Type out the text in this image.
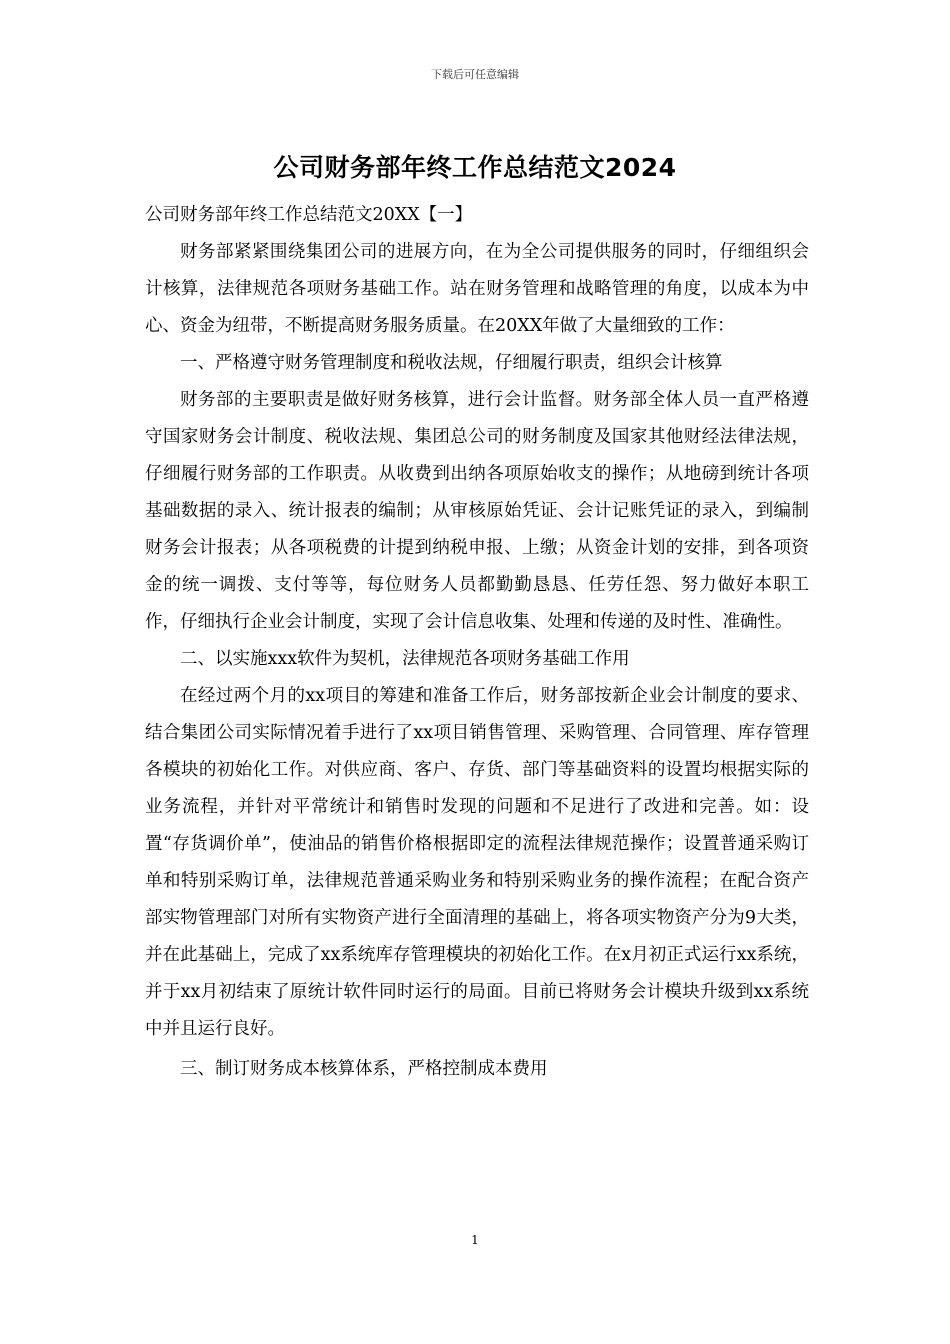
下载后可任意编辑
公司财务部年终工作总结范文2024

公司财务部年终工作总结范文20XX【一】

财务部紧紧围绕集团公司的进展方向，在为全公司提供服务的同时，仔细组织会计核算，法律规范各项财务基础工作。站在财务管理和战略管理的角度，以成本为中心、资金为纽带，不断提高财务服务质量。在20XX年做了大量细致的工作：

一、严格遵守财务管理制度和税收法规，仔细履行职责，组织会计核算

财务部的主要职责是做好财务核算，进行会计监督。财务部全体人员一直严格遵守国家财务会计制度、税收法规、集团总公司的财务制度及国家其他财经法律法规，仔细履行财务部的工作职责。从收费到出纳各项原始收支的操作；从地磅到统计各项基础数据的录入、统计报表的编制；从审核原始凭证、会计记账凭证的录入，到编制财务会计报表；从各项税费的计提到纳税申报、上缴；从资金计划的安排，到各项资金的统一调拨、支付等等，每位财务人员都勤勤恳恳、任劳任怨、努力做好本职工作，仔细执行企业会计制度，实现了会计信息收集、处理和传递的及时性、准确性。

二、以实施xxx软件为契机，法律规范各项财务基础工作用

在经过两个月的xx项目的筹建和准备工作后，财务部按新企业会计制度的要求、结合集团公司实际情况着手进行了xx项目销售管理、采购管理、合同管理、库存管理各模块的初始化工作。对供应商、客户、存货、部门等基础资料的设置均根据实际的业务流程，并针对平常统计和销售时发现的问题和不足进行了改进和完善。如：设置“存货调价单”，使油品的销售价格根据即定的流程法律规范操作；设置普通采购订单和特别采购订单，法律规范普通采购业务和特别采购业务的操作流程；在配合资产部实物管理部门对所有实物资产进行全面清理的基础上，将各项实物资产分为9大类，并在此基础上，完成了xx系统库存管理模块的初始化工作。在x月初正式运行xx系统，并于xx月初结束了原统计软件同时运行的局面。目前已将财务会计模块升级到xx系统中并且运行良好。

三、制订财务成本核算体系，严格控制成本费用

1
